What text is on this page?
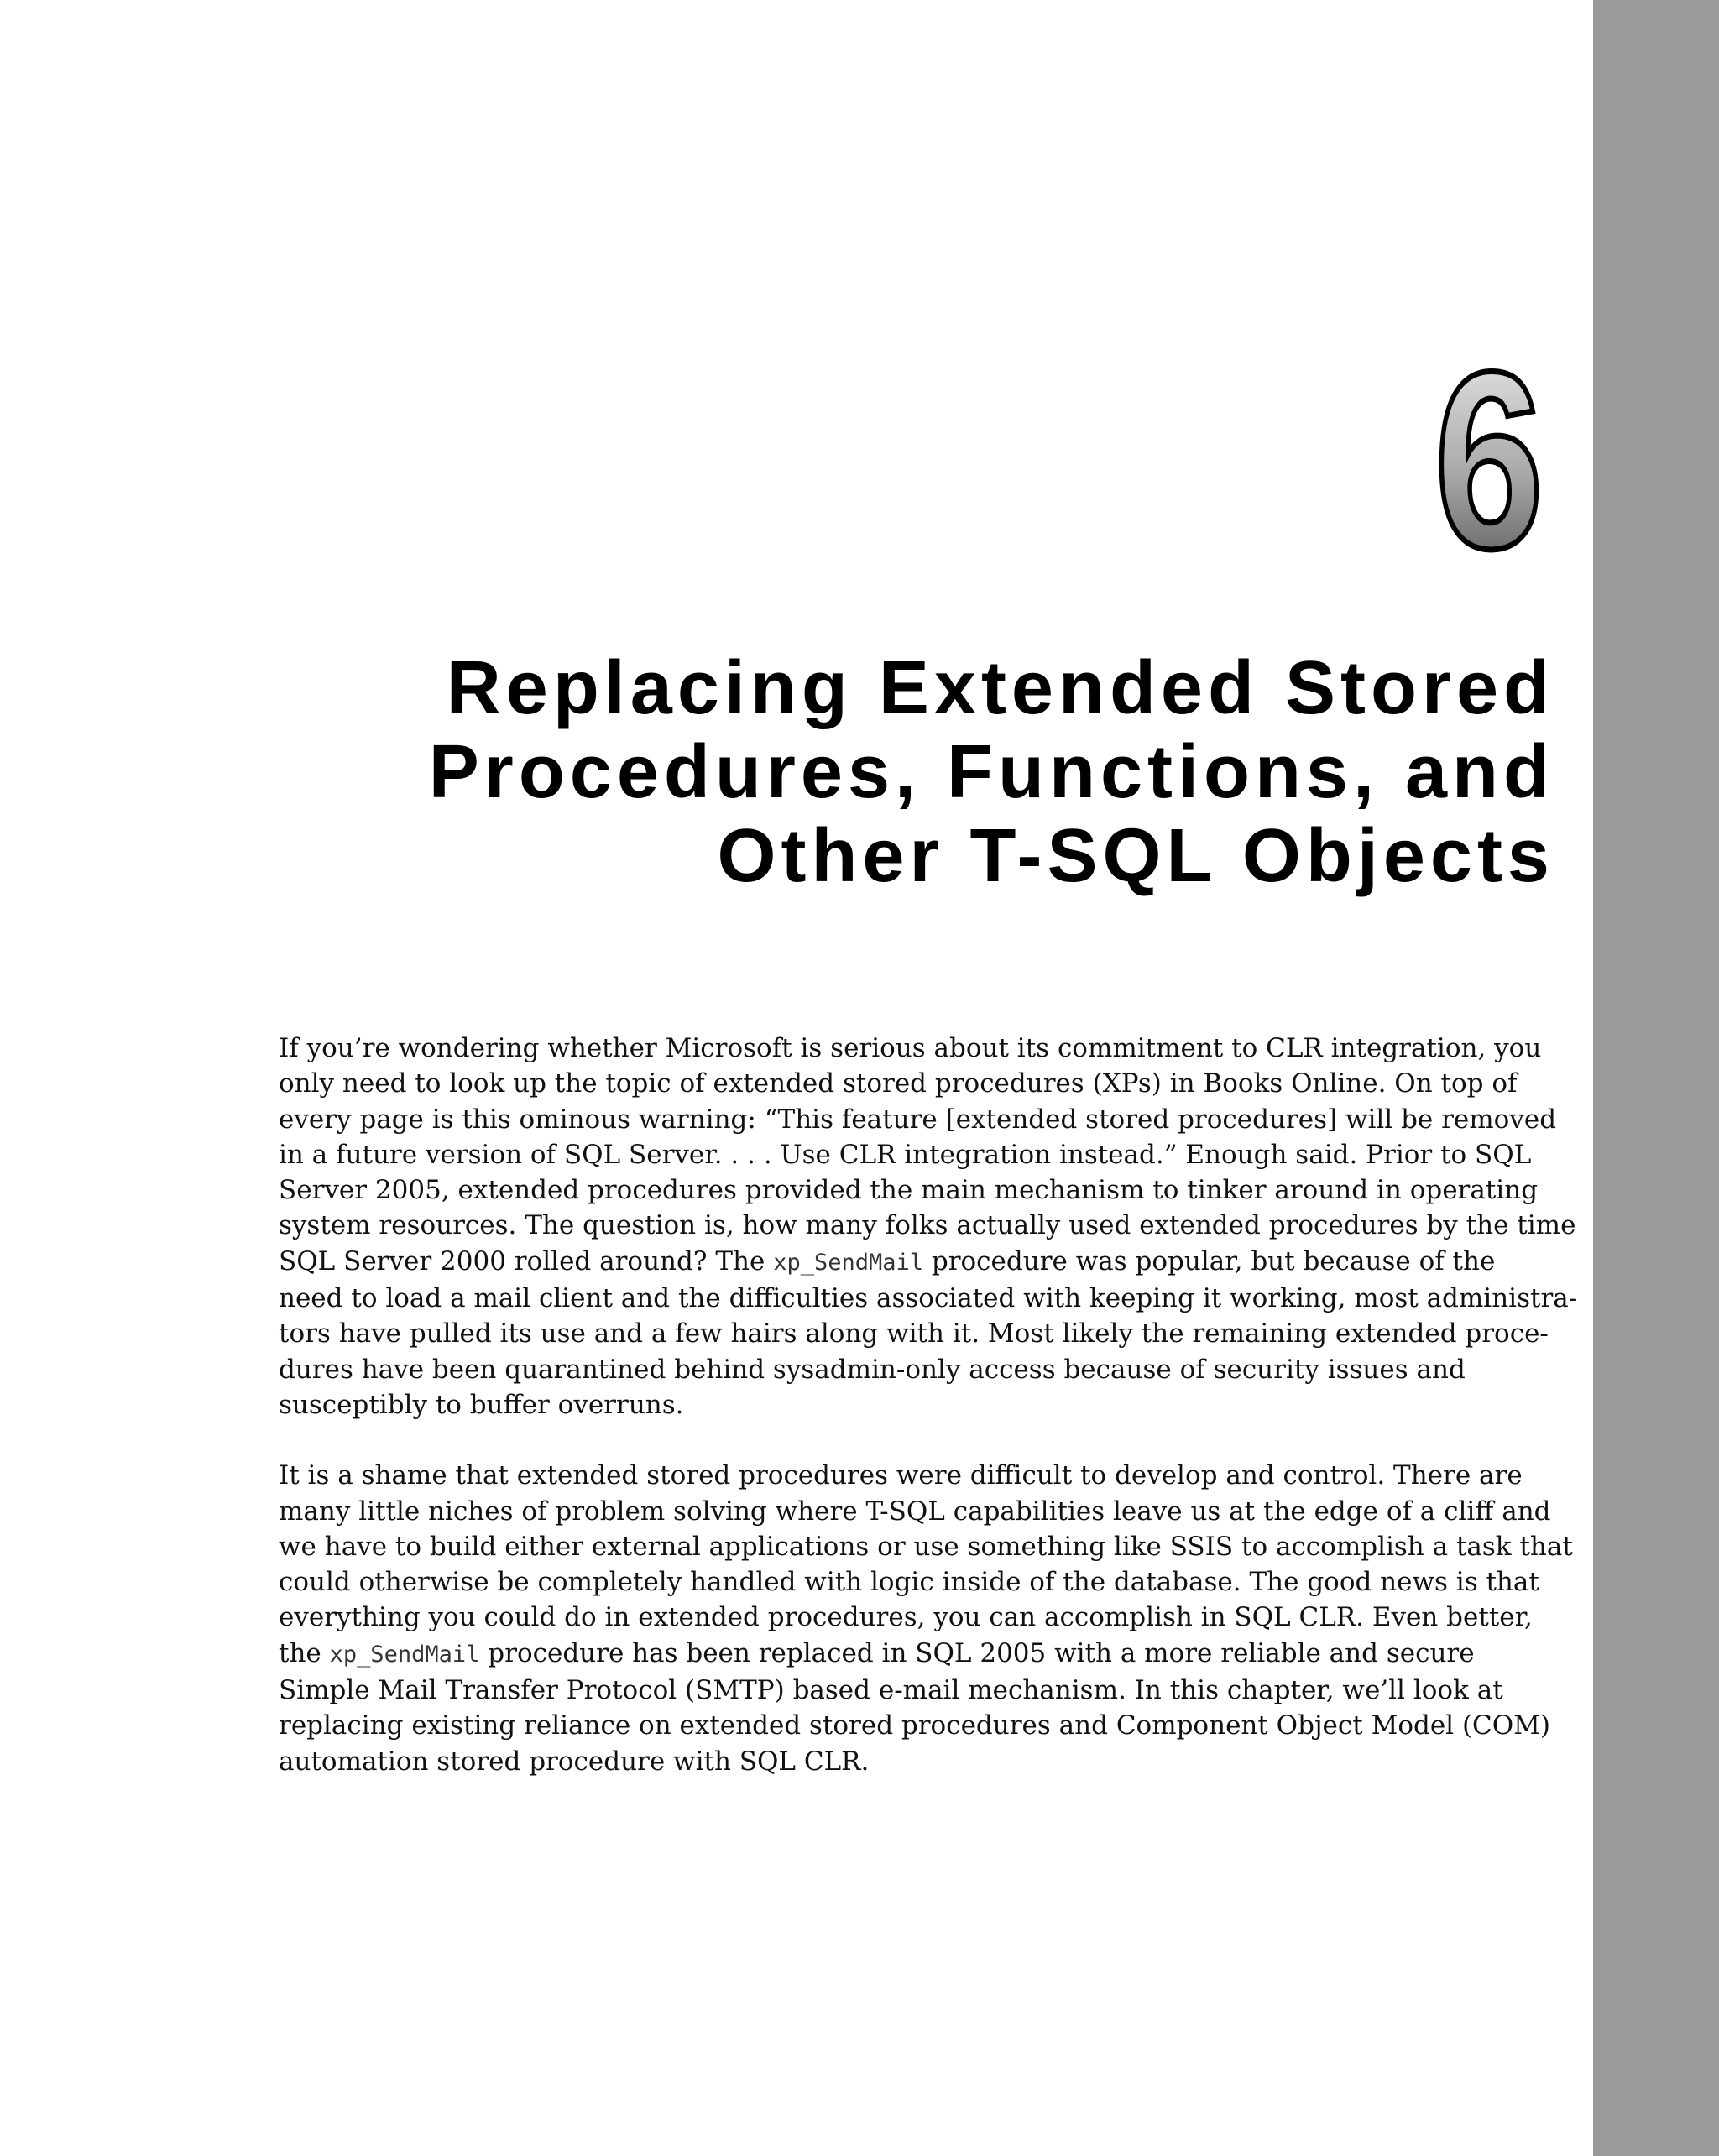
6
Replacing Extended Stored
Procedures, Functions, and
Other T-SQL Objects

If you’re wondering whether Microsoft is serious about its commitment to CLR integration, you
only need to look up the topic of extended stored procedures (XPs) in Books Online. On top of
every page is this ominous warning: “This feature [extended stored procedures] will be removed
in a future version of SQL Server. . . . Use CLR integration instead.” Enough said. Prior to SQL
Server 2005, extended procedures provided the main mechanism to tinker around in operating
system resources. The question is, how many folks actually used extended procedures by the time
SQL Server 2000 rolled around? The xp_SendMail procedure was popular, but because of the
need to load a mail client and the difficulties associated with keeping it working, most administra-
tors have pulled its use and a few hairs along with it. Most likely the remaining extended proce-
dures have been quarantined behind sysadmin-only access because of security issues and
susceptibly to buffer overruns.

It is a shame that extended stored procedures were difficult to develop and control. There are
many little niches of problem solving where T-SQL capabilities leave us at the edge of a cliff and
we have to build either external applications or use something like SSIS to accomplish a task that
could otherwise be completely handled with logic inside of the database. The good news is that
everything you could do in extended procedures, you can accomplish in SQL CLR. Even better,
the xp_SendMail procedure has been replaced in SQL 2005 with a more reliable and secure
Simple Mail Transfer Protocol (SMTP) based e-mail mechanism. In this chapter, we’ll look at
replacing existing reliance on extended stored procedures and Component Object Model (COM)
automation stored procedure with SQL CLR.
